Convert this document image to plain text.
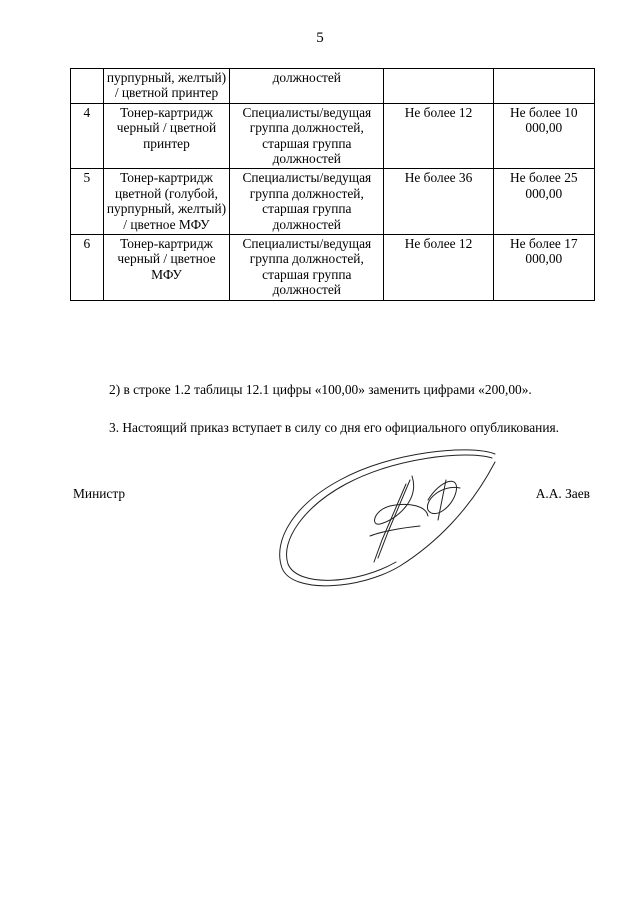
5
	пурпурный, желтый) / цветной принтер	должностей		
4	Тонер-картридж черный / цветной принтер	Специалисты/ведущая группа должностей, старшая группа должностей	Не более 12	Не более 10 000,00
5	Тонер-картридж цветной (голубой, пурпурный, желтый) / цветное МФУ	Специалисты/ведущая группа должностей, старшая группа должностей	Не более 36	Не более 25 000,00
6	Тонер-картридж черный / цветное МФУ	Специалисты/ведущая группа должностей, старшая группа должностей	Не более 12	Не более 17 000,00

2) в строке 1.2 таблицы 12.1 цифры «100,00» заменить цифрами «200,00».

3. Настоящий приказ вступает в силу со дня его официального опубликования.

Министр	А.А. Заев
